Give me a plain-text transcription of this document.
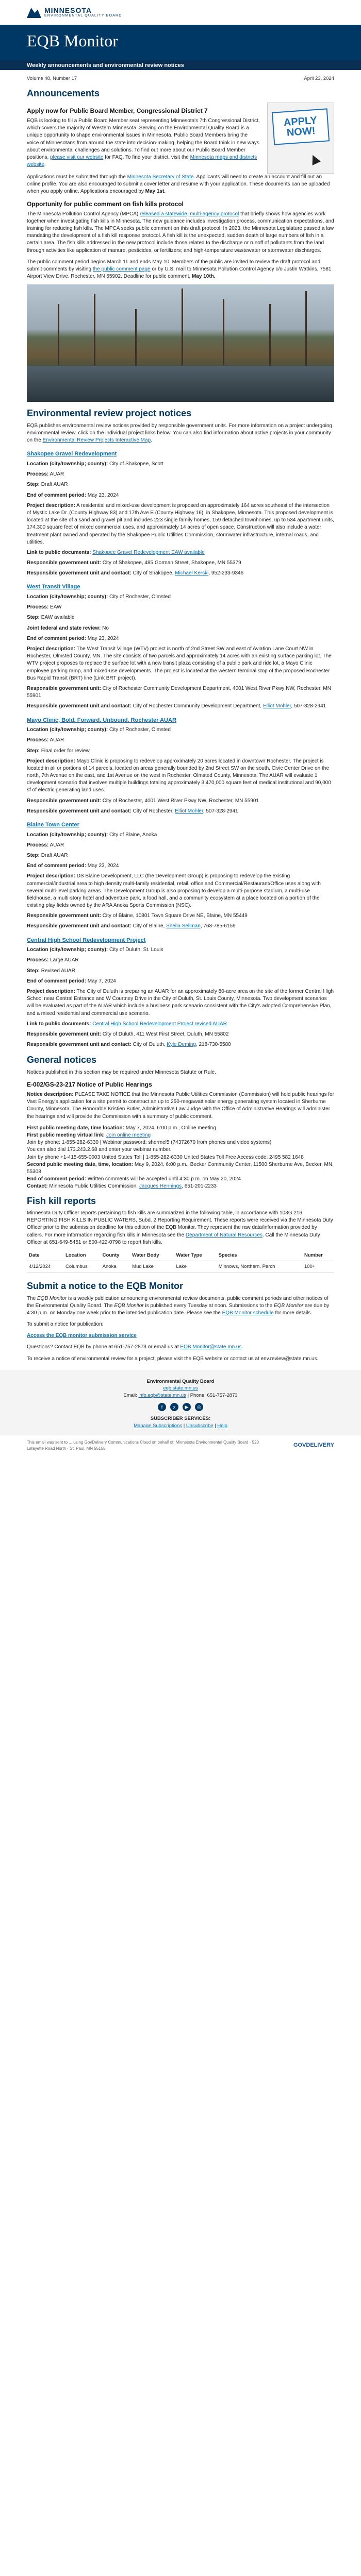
MINNESOTA
ENVIRONMENTAL QUALITY BOARD
EQB Monitor
Weekly announcements and environmental review notices
Volume 48, Number 17	April 23, 2024
Announcements
Apply now for Public Board Member, Congressional District 7

EQB is looking to fill a Public Board Member seat representing Minnesota's 7th Congressional District, which covers the majority of Western Minnesota. Serving on the Environmental Quality Board is a unique opportunity to shape environmental issues in Minnesota. Public Board Members bring the voice of Minnesotans from around the state into decision-making, helping the Board think in new ways about environmental challenges and solutions. To find out more about our Public Board Member positions, please visit our website for FAQ. To find your district, visit the Minnesota maps and districts website.

APPLY
NOW!

Applications must be submitted through the Minnesota Secretary of State. Applicants will need to create an account and fill out an online profile. You are also encouraged to submit a cover letter and resume with your application. These documents can be uploaded when you apply online. Applications encouraged by May 1st.

Opportunity for public comment on fish kills protocol

The Minnesota Pollution Control Agency (MPCA) released a statewide, multi-agency protocol that briefly shows how agencies work together when investigating fish kills in Minnesota. The new guidance includes investigation process, communication expectations, and training for reducing fish kills. The MPCA seeks public comment on this draft protocol. In 2023, the Minnesota Legislature passed a law mandating the development of a fish kill response protocol. A fish kill is the unexpected, sudden death of large numbers of fish in a certain area. The fish kills addressed in the new protocol include those related to the discharge or runoff of pollutants from the land through activities like application of manure, pesticides, or fertilizers; and high-temperature wastewater or stormwater discharges.

The public comment period begins March 11 and ends May 10. Members of the public are invited to review the draft protocol and submit comments by visiting the public comment page or by U.S. mail to Minnesota Pollution Control Agency c/o Justin Watkins, 7581 Airport View Drive, Rochester, MN 55902. Deadline for public comment, May 10th.

Environmental review project notices

EQB publishes environmental review notices provided by responsible government units. For more information on a project undergoing environmental review, click on the individual project links below. You can also find information about active projects in your community on the Environmental Review Projects Interactive Map.

Shakopee Gravel Redevelopment

Location (city/township; county): City of Shakopee, Scott

Process: AUAR

Step: Draft AUAR

End of comment period: May 23, 2024

Project description: A residential and mixed-use development is proposed on approximately 164 acres southeast of the intersection of Mystic Lake Dr. (County Highway 83) and 17th Ave E (County Highway 16), in Shakopee, Minnesota. This proposed development is located at the site of a sand and gravel pit and includes 223 single family homes, 159 detached townhomes, up to 534 apartment units, 174,300 square feet of mixed commercial uses, and approximately 14 acres of open space. Construction will also include a water treatment plant owned and operated by the Shakopee Public Utilities Commission, stormwater infrastructure, internal roads, and utilities.

Link to public documents: Shakopee Gravel Redevelopment EAW available

Responsible government unit: City of Shakopee, 485 Gorman Street, Shakopee, MN 55379

Responsible government unit and contact: City of Shakopee, Michael Kerski, 952-233-9346

West Transit Village

Location (city/township; county): City of Rochester, Olmsted

Process: EAW

Step: EAW available

Joint federal and state review: No

End of comment period: May 23, 2024

Project description: The West Transit Village (WTV) project is north of 2nd Street SW and east of Aviation Lane Court NW in Rochester, Olmsted County, MN. The site consists of two parcels and approximately 14 acres with an existing surface parking lot. The WTV project proposes to replace the surface lot with a new transit plaza consisting of a public park and ride lot, a Mayo Clinic employee parking ramp, and mixed-use developments. The project is located at the western terminal stop of the proposed Rochester Bus Rapid Transit (BRT) line (Link BRT project).

Responsible government unit: City of Rochester Community Development Department, 4001 West River Pkwy NW, Rochester, MN 55901

Responsible government unit and contact: City of Rochester Community Development Department, Elliot Mohler, 507-328-2941

Mayo Clinic, Bold. Forward. Unbound. Rochester AUAR

Location (city/township; county): City of Rochester, Olmsted

Process: AUAR

Step: Final order for review

Project description: Mayo Clinic is proposing to redevelop approximately 20 acres located in downtown Rochester. The project is located in all or portions of 14 parcels, located on areas generally bounded by 2nd Street SW on the south, Civic Center Drive on the north, 7th Avenue on the east, and 1st Avenue on the west in Rochester, Olmsted County, Minnesota. The AUAR will evaluate 1 development scenario that involves multiple buildings totaling approximately 3,470,000 square feet of medical institutional and 90,000 sf of electric generating land uses.

Responsible government unit: City of Rochester, 4001 West River Pkwy NW, Rochester, MN 55901

Responsible government unit and contact: City of Rochester, Elliot Mohler, 507-328-2941

Blaine Town Center

Location (city/township; county): City of Blaine, Anoka

Process: AUAR

Step: Draft AUAR

End of comment period: May 23, 2024

Project description: DS Blaine Development, LLC (the Development Group) is proposing to redevelop the existing commercial/industrial area to high density multi-family residential, retail, office and Commercial/Restaurant/Office uses along with several multi-level parking areas. The Development Group is also proposing to develop a multi-purpose stadium, a multi-use fieldhouse, a multi-story hotel and adventure park, a food hall, and a community ecosystem at a place located on a portion of the existing play fields owned by the ARA Anoka Sports Commission (NSC).

Responsible government unit: City of Blaine, 10801 Town Square Drive NE, Blaine, MN 55449

Responsible government unit and contact: City of Blaine, Sheila Sellman, 763-785-6159

Central High School Redevelopment Project

Location (city/township; county): City of Duluth, St. Louis

Process: Large AUAR

Step: Revised AUAR

End of comment period: May 7, 2024

Project description: The City of Duluth is preparing an AUAR for an approximately 80-acre area on the site of the former Central High School near Central Entrance and W Courtney Drive in the City of Duluth, St. Louis County, Minnesota. Two development scenarios will be evaluated as part of the AUAR which include a business park scenario consistent with the City's adopted Comprehensive Plan, and a mixed residential and commercial use scenario.

Link to public documents: Central High School Redevelopment Project revised AUAR

Responsible government unit: City of Duluth, 411 West First Street, Duluth, MN 55802

Responsible government unit and contact: City of Duluth, Kyle Deming, 218-730-5580

General notices

Notices published in this section may be required under Minnesota Statute or Rule.

E-002/GS-23-217 Notice of Public Hearings

Notice description: PLEASE TAKE NOTICE that the Minnesota Public Utilities Commission (Commission) will hold public hearings for Vast Energy's application for a site permit to construct an up to 250-megawatt solar energy generating system located in Sherburne County, Minnesota. The Honorable Kristien Butler, Administrative Law Judge with the Office of Administrative Hearings will administer the hearings and will provide the Commission with a summary of public comment.

First public meeting date, time location: May 7, 2024, 6:00 p.m., Online meeting

First public meeting virtual link: Join online meeting

Join by phone: 1-855-282-6330 | Webinar password: shermel5 (74372670 from phones and video systems)

You can also dial 173.243.2.68 and enter your webinar number.

Join by phone +1-415-655-0003 United States Toll | 1-855-282-6330 United States Toll Free Access code: 2495 582 1648

Second public meeting date, time, location: May 9, 2024, 6:00 p.m., Becker Community Center, 11500 Sherburne Ave, Becker, MN, 55308

End of comment period: Written comments will be accepted until 4:30 p.m. on May 20, 2024

Contact: Minnesota Public Utilities Commission, Jacques Hennings, 651-201-2233

Fish kill reports

Minnesota Duty Officer reports pertaining to fish kills are summarized in the following table, in accordance with 103G.216, REPORTING FISH KILLS IN PUBLIC WATERS, Subd. 2 Reporting Requirement. These reports were received via the Minnesota Duty Officer prior to the submission deadline for this edition of the EQB Monitor. They represent the raw data/information provided by callers. For more information regarding fish kills in Minnesota see the Department of Natural Resources. Call the Minnesota Duty Officer at 651-649-5451 or 800-422-0798 to report fish kills.

Date	Location	County	Water Body	Water Type	Species	Number
4/12/2024	Columbus	Anoka	Mud Lake	Lake	Minnows, Northern, Perch	100+
Submit a notice to the EQB Monitor

The EQB Monitor is a weekly publication announcing environmental review documents, public comment periods and other notices of the Environmental Quality Board. The EQB Monitor is published every Tuesday at noon. Submissions to the EQB Monitor are due by 4:30 p.m. on Monday one week prior to the intended publication date. Please see the EQB Monitor schedule for more details.

To submit a notice for publication:

Access the EQB monitor submission service

Questions? Contact EQB by phone at 651-757-2873 or email us at EQB.Monitor@state.mn.us.

To receive a notice of environmental review for a project, please visit the EQB website or contact us at env.review@state.mn.us.

Environmental Quality Board
eqb.state.mn.us
Email: info.eqb@state.mn.us | Phone: 651-757-2873
f	x	▶	◎
SUBSCRIBER SERVICES:
Manage Subscriptions | Unsubscribe | Help
This email was sent to ... using GovDelivery Communications Cloud on behalf of: Minnesota Environmental Quality Board · 520 Lafayette Road North · St. Paul, MN 55155
GOVDELIVERY
